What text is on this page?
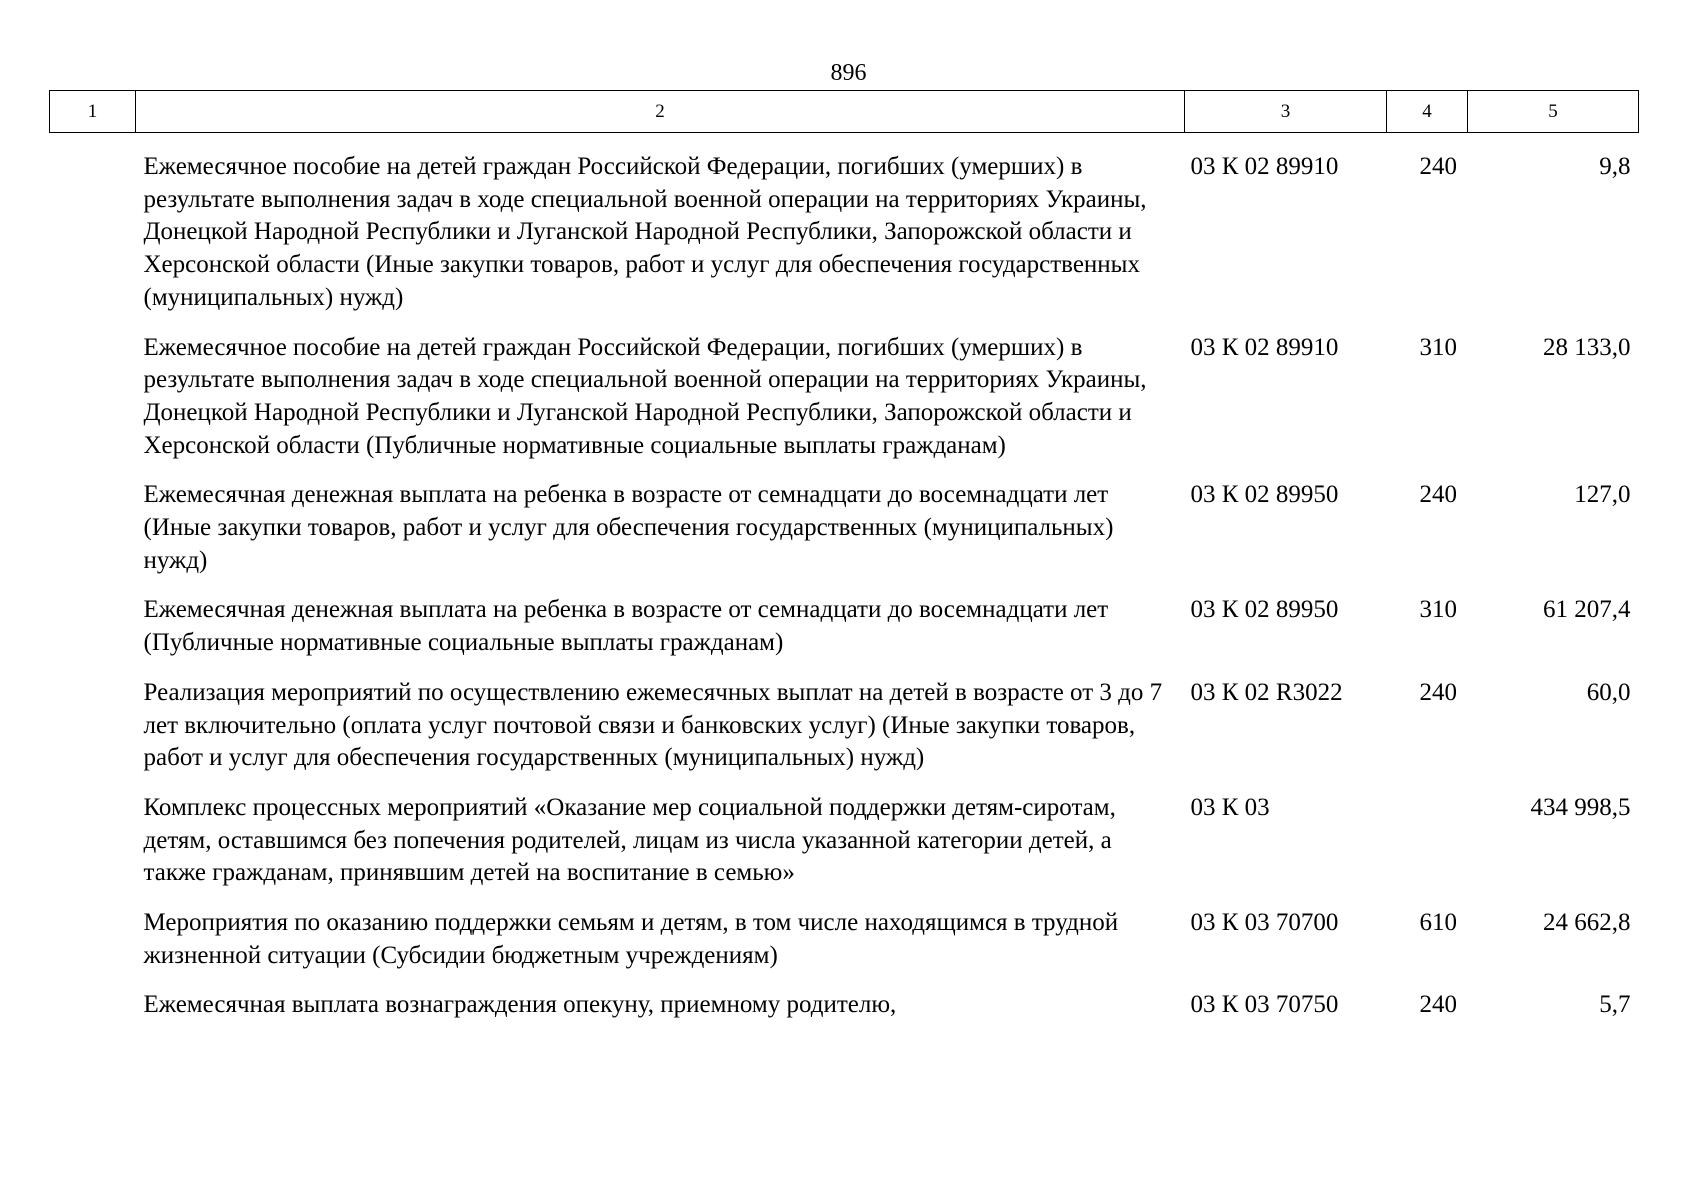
896
1	2	3	4	5
Ежемесячное пособие на детей граждан Российской Федерации, погибших (умерших) в результате выполнения задач в ходе специальной военной операции на территориях Украины, Донецкой Народной Республики и Луганской Народной Республики, Запорожской области и Херсонской области (Иные закупки товаров, работ и услуг для обеспечения государственных (муниципальных) нужд)		03 К 02 89910	240	9,8
Ежемесячное пособие на детей граждан Российской Федерации, погибших (умерших) в результате выполнения задач в ходе специальной военной операции на территориях Украины, Донецкой Народной Республики и Луганской Народной Республики, Запорожской области и Херсонской области (Публичные нормативные социальные выплаты гражданам)		03 К 02 89910	310	28 133,0
Ежемесячная денежная выплата на ребенка в возрасте от семнадцати до восемнадцати лет (Иные закупки товаров, работ и услуг для обеспечения государственных (муниципальных) нужд)		03 К 02 89950	240	127,0
Ежемесячная денежная выплата на ребенка в возрасте от семнадцати до восемнадцати лет (Публичные нормативные социальные выплаты гражданам)		03 К 02 89950	310	61 207,4
Реализация мероприятий по осуществлению ежемесячных выплат на детей в возрасте от 3 до 7 лет включительно (оплата услуг почтовой связи и банковских услуг) (Иные закупки товаров, работ и услуг для обеспечения государственных (муниципальных) нужд)		03 К 02 R3022	240	60,0
Комплекс процессных мероприятий «Оказание мер социальной поддержки детям-сиротам, детям, оставшимся без попечения родителей, лицам из числа указанной категории детей, а также гражданам, принявшим детей на воспитание в семью»		03 К 03		434 998,5
Мероприятия по оказанию поддержки семьям и детям, в том числе находящимся в трудной жизненной ситуации (Субсидии бюджетным учреждениям)		03 К 03 70700	610	24 662,8
Ежемесячная выплата вознаграждения опекуну, приемному родителю,		03 К 03 70750	240	5,7
